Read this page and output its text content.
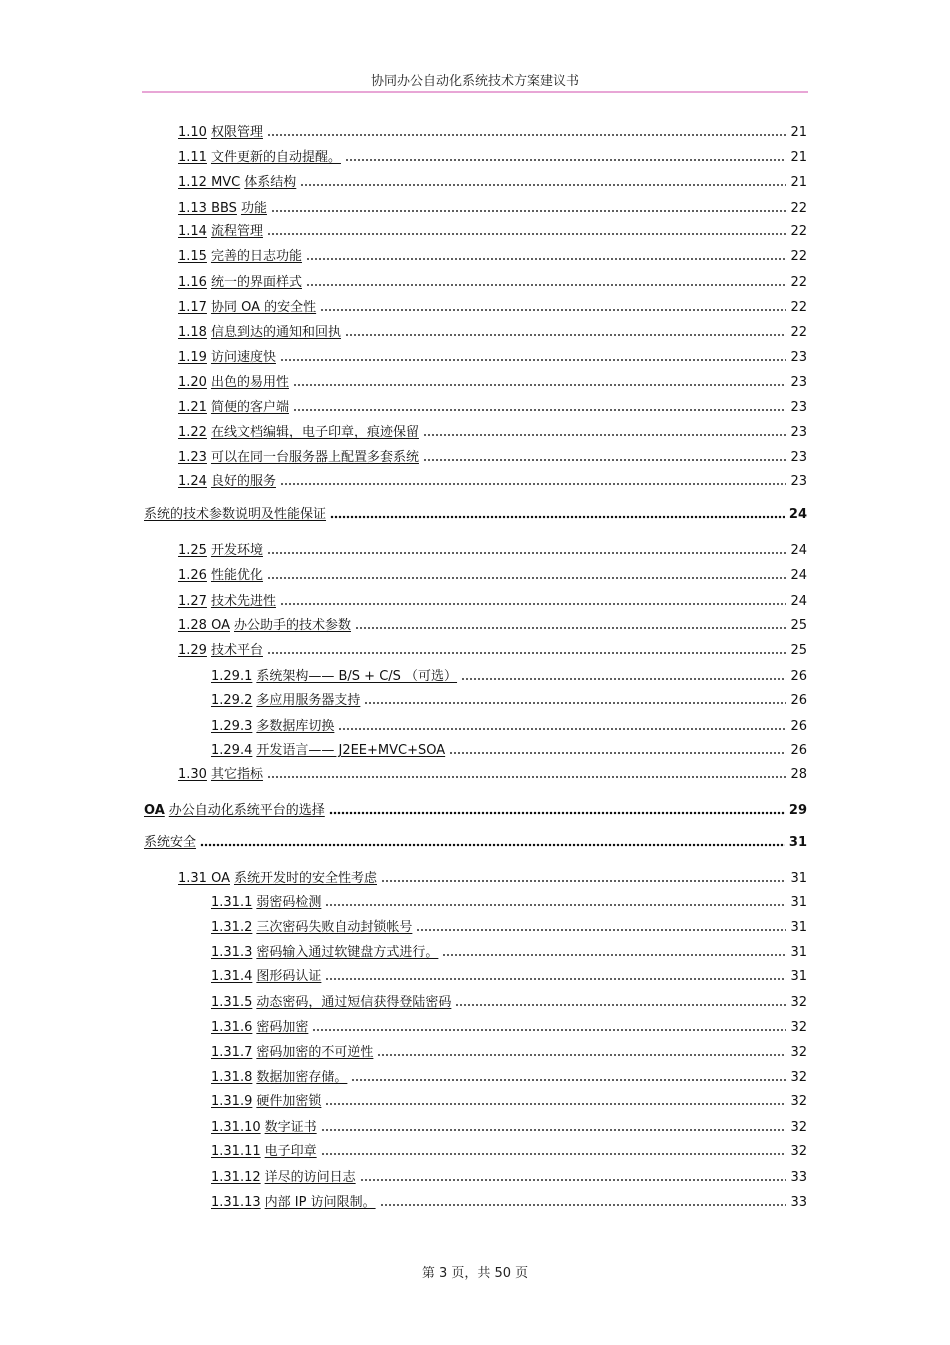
协同办公自动化系统技术方案建议书
1.10 权限管理	21
1.11 文件更新的自动提醒。	21
1.12 MVC 体系结构	21
1.13 BBS 功能	22
1.14 流程管理	22
1.15 完善的日志功能	22
1.16 统一的界面样式	22
1.17 协同 OA 的安全性	22
1.18 信息到达的通知和回执	22
1.19 访问速度快	23
1.20 出色的易用性	23
1.21 简便的客户端	23
1.22 在线文档编辑，电子印章，痕迹保留	23
1.23 可以在同一台服务器上配置多套系统	23
1.24 良好的服务	23
系统的技术参数说明及性能保证	24
1.25 开发环境	24
1.26 性能优化	24
1.27 技术先进性	24
1.28 OA 办公助手的技术参数	25
1.29 技术平台	25
1.29.1 系统架构—— B/S + C/S （可选）	26
1.29.2 多应用服务器支持	26
1.29.3 多数据库切换	26
1.29.4 开发语言—— J2EE+MVC+SOA	26
1.30 其它指标	28
OA 办公自动化系统平台的选择	29
系统安全	31
1.31 OA 系统开发时的安全性考虑	31
1.31.1 弱密码检测	31
1.31.2 三次密码失败自动封锁帐号	31
1.31.3 密码输入通过软键盘方式进行。	31
1.31.4 图形码认证	31
1.31.5 动态密码，通过短信获得登陆密码	32
1.31.6 密码加密	32
1.31.7 密码加密的不可逆性	32
1.31.8 数据加密存储。	32
1.31.9 硬件加密锁	32
1.31.10 数字证书	32
1.31.11 电子印章	32
1.31.12 详尽的访问日志	33
1.31.13 内部 IP 访问限制。	33
第 3 页，共 50 页
